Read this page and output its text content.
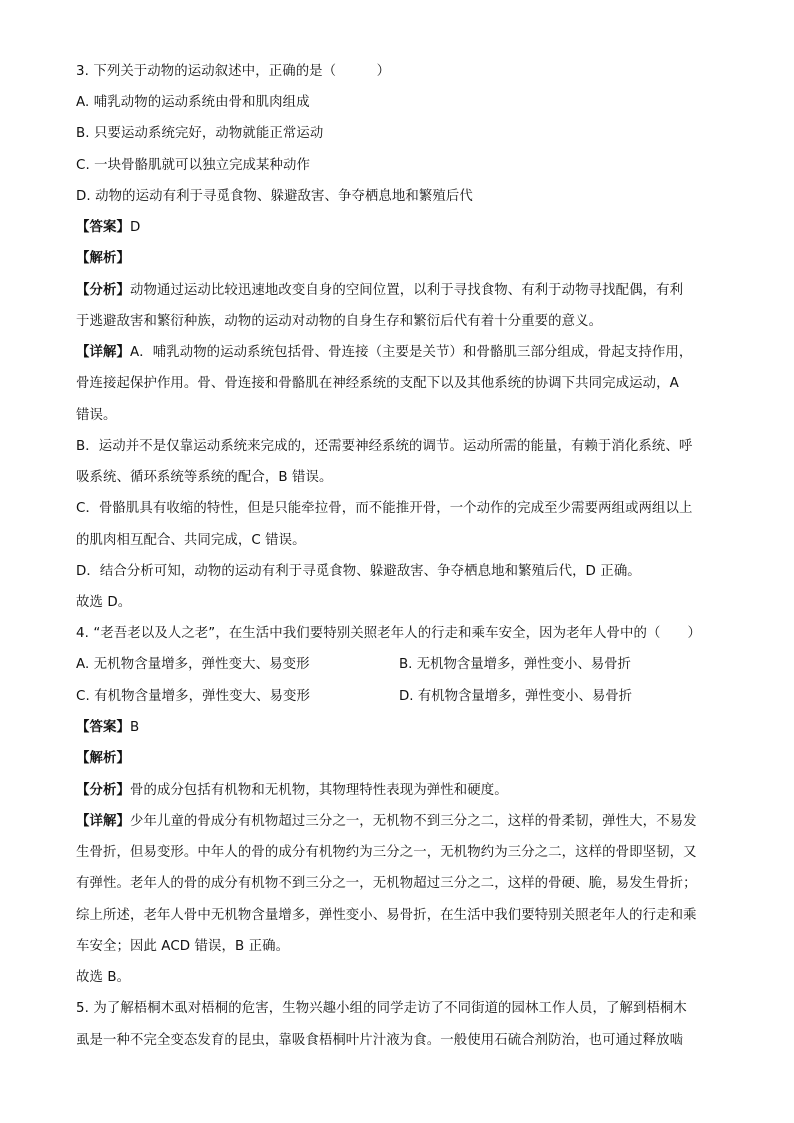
3. 下列关于动物的运动叙述中，正确的是（　　　）
A. 哺乳动物的运动系统由骨和肌肉组成
B. 只要运动系统完好，动物就能正常运动
C. 一块骨骼肌就可以独立完成某种动作
D. 动物的运动有利于寻觅食物、躲避敌害、争夺栖息地和繁殖后代
【答案】D
【解析】
【分析】动物通过运动比较迅速地改变自身的空间位置，以利于寻找食物、有利于动物寻找配偶，有利
于逃避敌害和繁衍种族，动物的运动对动物的自身生存和繁衍后代有着十分重要的意义。
【详解】A．哺乳动物的运动系统包括骨、骨连接（主要是关节）和骨骼肌三部分组成，骨起支持作用，
骨连接起保护作用。骨、骨连接和骨骼肌在神经系统的支配下以及其他系统的协调下共同完成运动，A
错误。
B．运动并不是仅靠运动系统来完成的，还需要神经系统的调节。运动所需的能量，有赖于消化系统、呼
吸系统、循环系统等系统的配合，B 错误。
C．骨骼肌具有收缩的特性，但是只能牵拉骨，而不能推开骨，一个动作的完成至少需要两组或两组以上
的肌肉相互配合、共同完成，C 错误。
D．结合分析可知，动物的运动有利于寻觅食物、躲避敌害、争夺栖息地和繁殖后代，D 正确。
故选 D。
4. “老吾老以及人之老”，在生活中我们要特别关照老年人的行走和乘车安全，因为老年人骨中的（　　）
A. 无机物含量增多，弹性变大、易变形	B. 无机物含量增多，弹性变小、易骨折
C. 有机物含量增多，弹性变大、易变形	D. 有机物含量增多，弹性变小、易骨折
【答案】B
【解析】
【分析】骨的成分包括有机物和无机物，其物理特性表现为弹性和硬度。
【详解】少年儿童的骨成分有机物超过三分之一，无机物不到三分之二，这样的骨柔韧，弹性大，不易发
生骨折，但易变形。中年人的骨的成分有机物约为三分之一，无机物约为三分之二，这样的骨即坚韧，又
有弹性。老年人的骨的成分有机物不到三分之一，无机物超过三分之二，这样的骨硬、脆，易发生骨折；
综上所述，老年人骨中无机物含量增多，弹性变小、易骨折，在生活中我们要特别关照老年人的行走和乘
车安全；因此 ACD 错误，B 正确。
故选 B。
5. 为了解梧桐木虱对梧桐的危害，生物兴趣小组的同学走访了不同街道的园林工作人员，了解到梧桐木
虱是一种不完全变态发育的昆虫，靠吸食梧桐叶片汁液为食。一般使用石硫合剂防治，也可通过释放啮
